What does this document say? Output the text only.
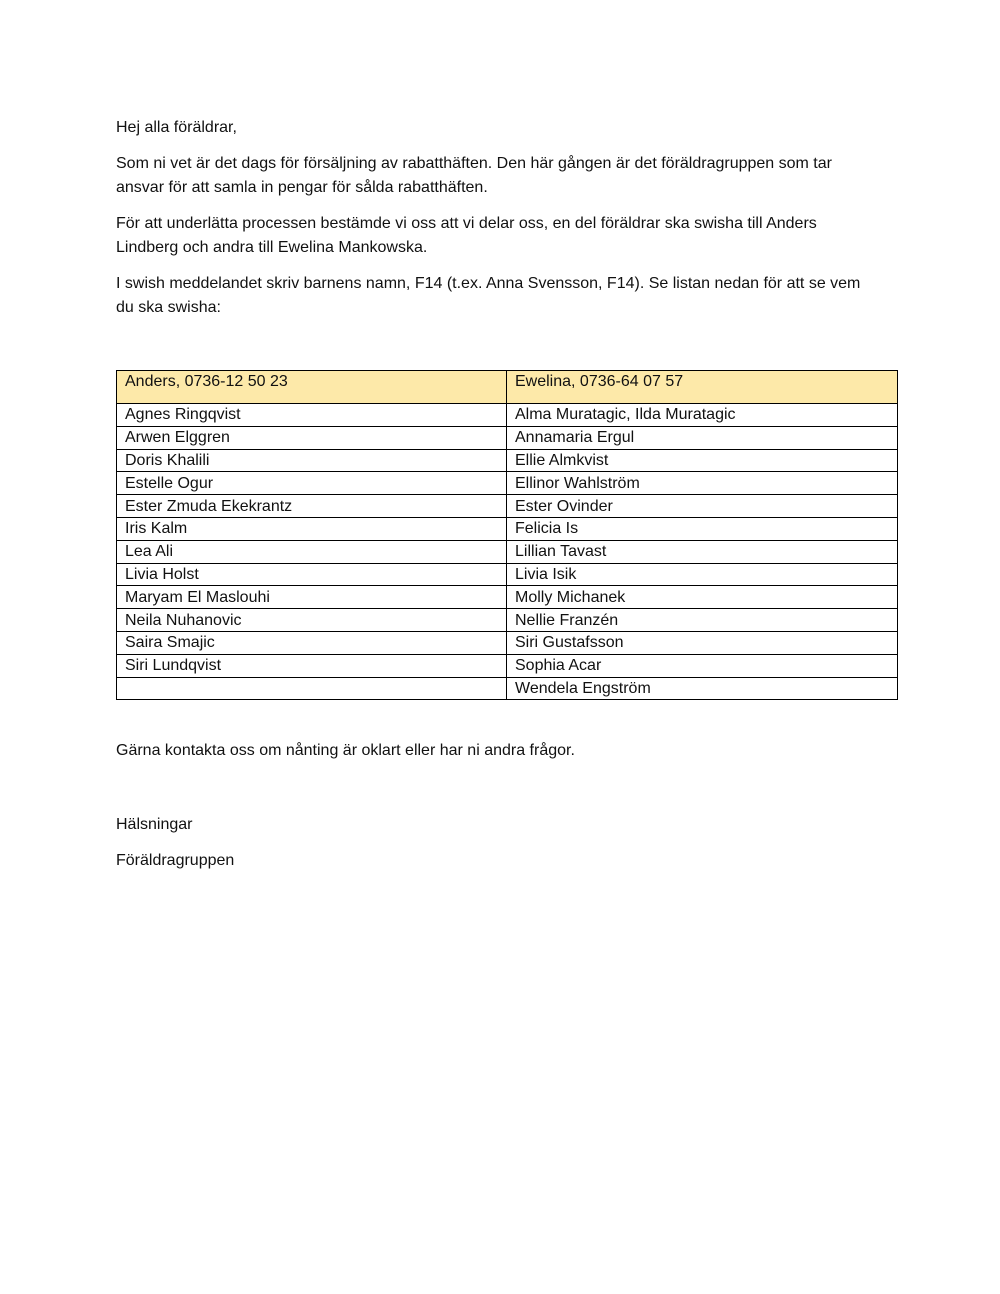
Hej alla föräldrar,

Som ni vet är det dags för försäljning av rabatthäften. Den här gången är det föräldragruppen som tar

ansvar för att samla in pengar för sålda rabatthäften.

För att underlätta processen bestämde vi oss att vi delar oss, en del föräldrar ska swisha till Anders

Lindberg och andra till Ewelina Mankowska.

I swish meddelandet skriv barnens namn, F14 (t.ex. Anna Svensson, F14). Se listan nedan för att se vem

du ska swisha:

Anders, 0736-12 50 23	Ewelina, 0736-64 07 57
Agnes Ringqvist	Alma Muratagic, Ilda Muratagic
Arwen Elggren	Annamaria Ergul
Doris Khalili	Ellie Almkvist
Estelle Ogur	Ellinor Wahlström
Ester Zmuda Ekekrantz	Ester Ovinder
Iris Kalm	Felicia Is
Lea Ali	Lillian Tavast
Livia Holst	Livia Isik
Maryam El Maslouhi	Molly Michanek
Neila Nuhanovic	Nellie Franzén
Saira Smajic	Siri Gustafsson
Siri Lundqvist	Sophia Acar
	Wendela Engström

Gärna kontakta oss om nånting är oklart eller har ni andra frågor.

Hälsningar

Föräldragruppen
